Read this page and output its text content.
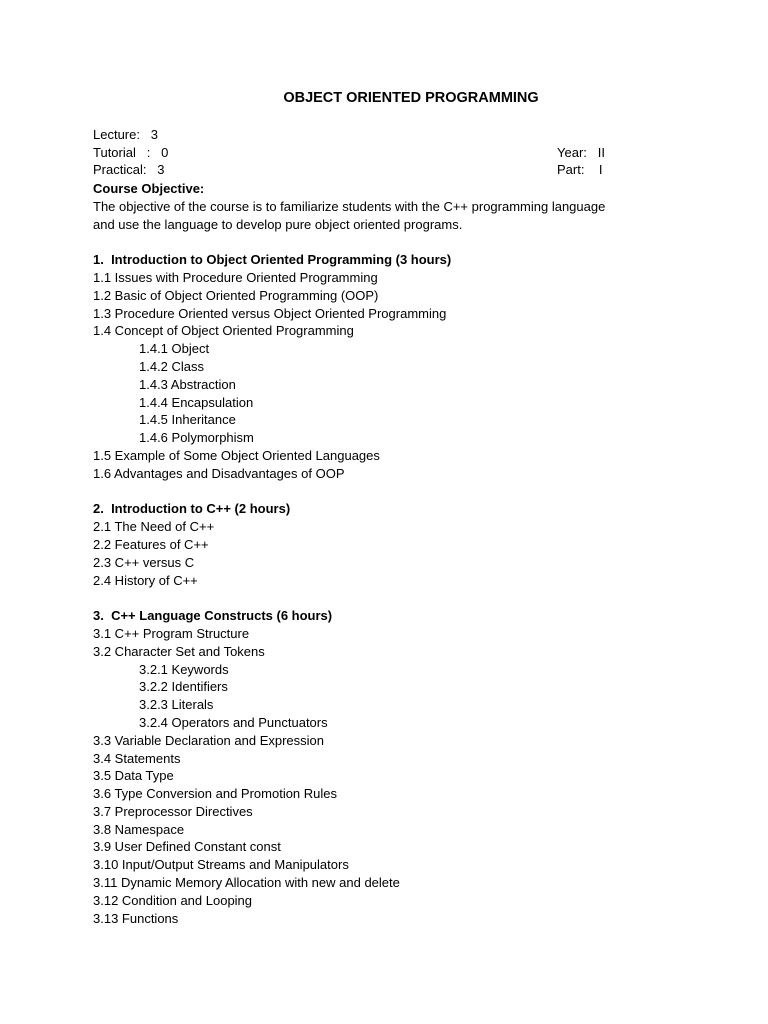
OBJECT ORIENTED PROGRAMMING

Lecture:   3

Year:   II

Tutorial   :   0

Part:    I

Practical:   3

Course Objective:
The objective of the course is to familiarize students with the C++ programming language
and use the language to develop pure object oriented programs.
1.  Introduction to Object Oriented Programming (3 hours)
1.1 Issues with Procedure Oriented Programming
1.2 Basic of Object Oriented Programming (OOP)
1.3 Procedure Oriented versus Object Oriented Programming
1.4 Concept of Object Oriented Programming
1.4.1 Object
1.4.2 Class
1.4.3 Abstraction
1.4.4 Encapsulation
1.4.5 Inheritance
1.4.6 Polymorphism
1.5 Example of Some Object Oriented Languages
1.6 Advantages and Disadvantages of OOP
2.  Introduction to C++ (2 hours)
2.1 The Need of C++
2.2 Features of C++
2.3 C++ versus C
2.4 History of C++
3.  C++ Language Constructs (6 hours)
3.1 C++ Program Structure
3.2 Character Set and Tokens
3.2.1 Keywords
3.2.2 Identifiers
3.2.3 Literals
3.2.4 Operators and Punctuators
3.3 Variable Declaration and Expression
3.4 Statements
3.5 Data Type
3.6 Type Conversion and Promotion Rules
3.7 Preprocessor Directives
3.8 Namespace
3.9 User Defined Constant const
3.10 Input/Output Streams and Manipulators
3.11 Dynamic Memory Allocation with new and delete
3.12 Condition and Looping
3.13 Functions
